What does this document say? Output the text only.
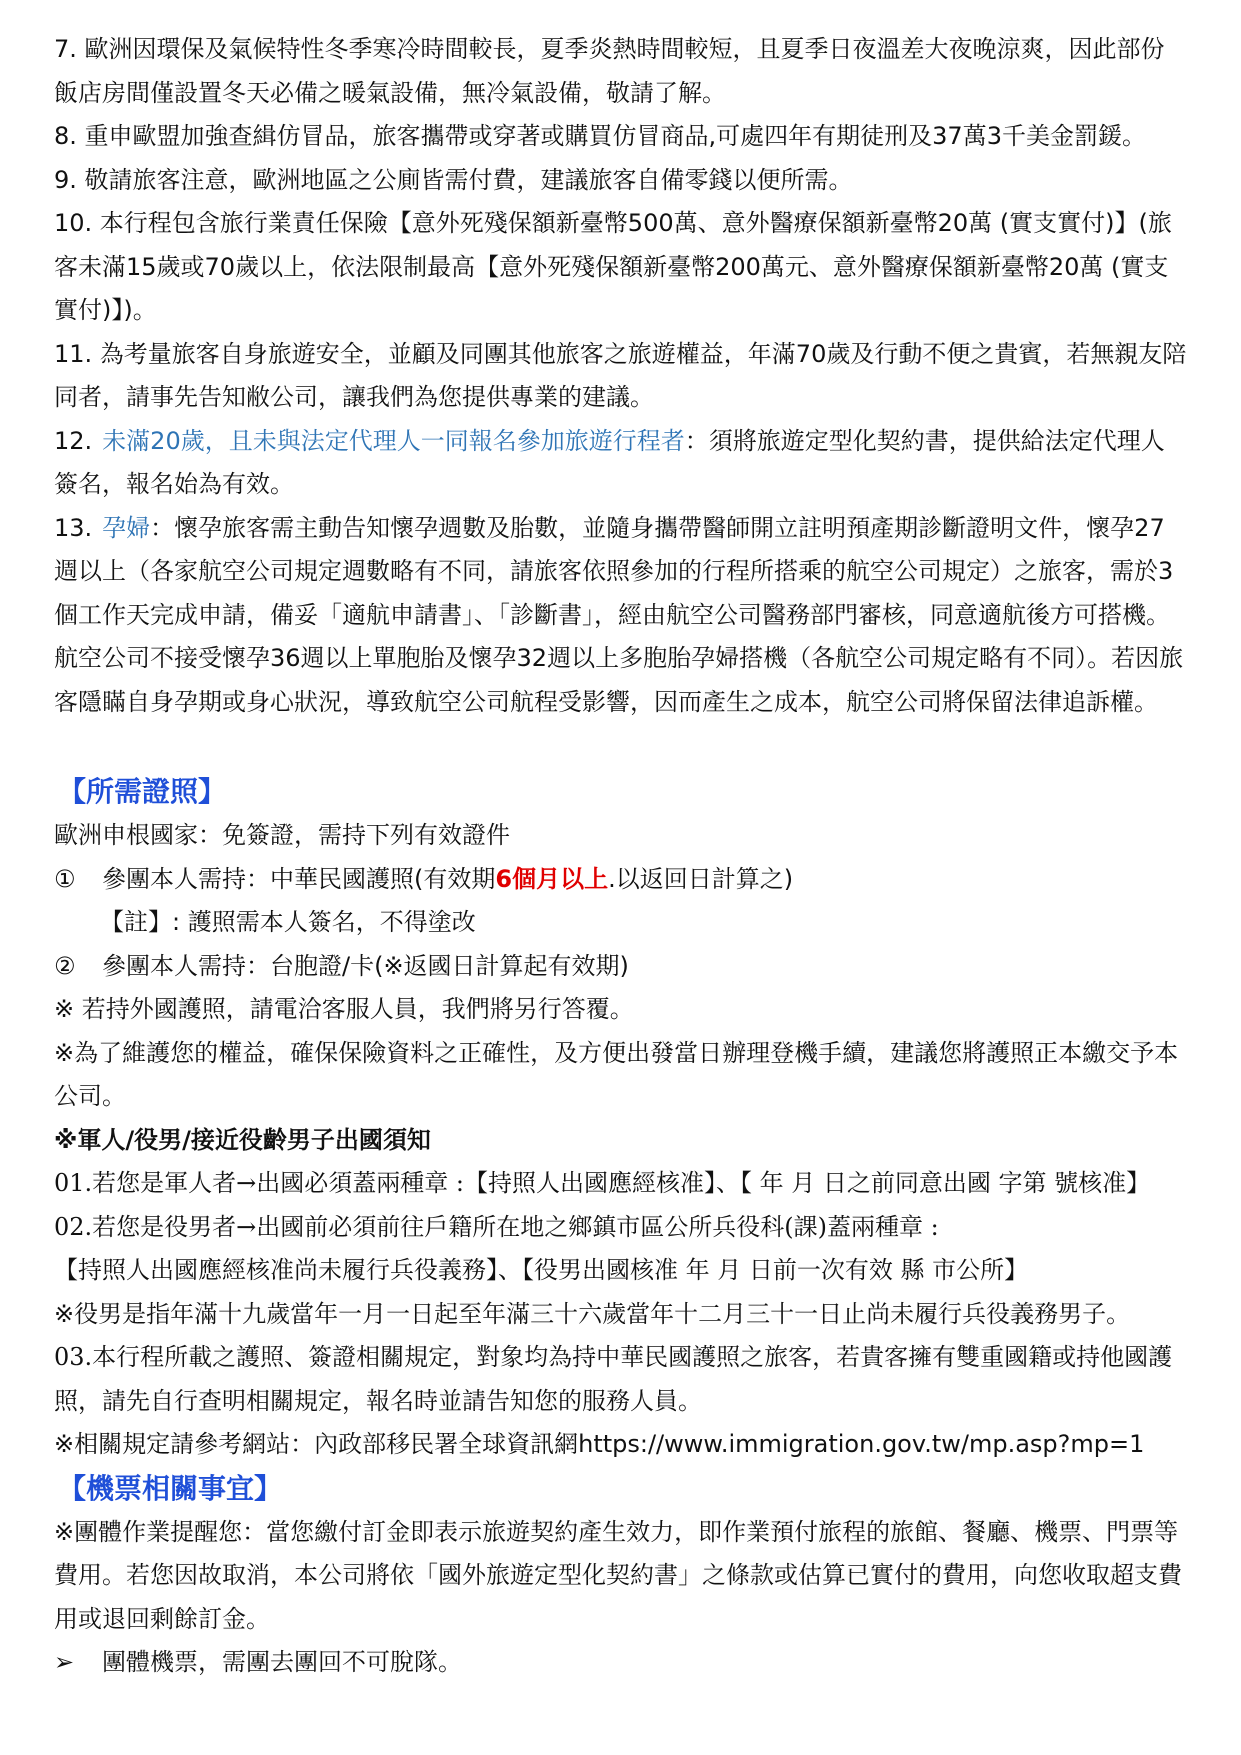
7. 歐洲因環保及氣候特性冬季寒冷時間較長，夏季炎熱時間較短，且夏季日夜溫差大夜晚涼爽，因此部份飯店房間僅設置冬天必備之暖氣設備，無冷氣設備，敬請了解。

8. 重申歐盟加強查緝仿冒品，旅客攜帶或穿著或購買仿冒商品,可處四年有期徒刑及37萬3千美金罰鍰。

9. 敬請旅客注意，歐洲地區之公廁皆需付費，建議旅客自備零錢以便所需。

10. 本行程包含旅行業責任保險【意外死殘保額新臺幣500萬、意外醫療保額新臺幣20萬 (實支實付)】(旅客未滿15歲或70歲以上，依法限制最高【意外死殘保額新臺幣200萬元、意外醫療保額新臺幣20萬 (實支實付)】)。

11. 為考量旅客自身旅遊安全，並顧及同團其他旅客之旅遊權益，年滿70歲及行動不便之貴賓，若無親友陪同者，請事先告知敝公司，讓我們為您提供專業的建議。

12. 未滿20歲，且未與法定代理人一同報名參加旅遊行程者：須將旅遊定型化契約書，提供給法定代理人簽名，報名始為有效。

13. 孕婦：懷孕旅客需主動告知懷孕週數及胎數，並隨身攜帶醫師開立註明預產期診斷證明文件，懷孕27週以上（各家航空公司規定週數略有不同，請旅客依照參加的行程所搭乘的航空公司規定）之旅客，需於3個工作天完成申請，備妥「適航申請書」、「診斷書」，經由航空公司醫務部門審核，同意適航後方可搭機。航空公司不接受懷孕36週以上單胞胎及懷孕32週以上多胞胎孕婦搭機（各航空公司規定略有不同）。若因旅客隱瞞自身孕期或身心狀況，導致航空公司航程受影響，因而產生之成本，航空公司將保留法律追訴權。

【所需證照】

歐洲申根國家：免簽證，需持下列有效證件

① 參團本人需持：中華民國護照(有效期6個月以上.以返回日計算之)

【註】: 護照需本人簽名，不得塗改

② 參團本人需持：台胞證/卡(※返國日計算起有效期)

※ 若持外國護照，請電洽客服人員，我們將另行答覆。

※為了維護您的權益，確保保險資料之正確性，及方便出發當日辦理登機手續，建議您將護照正本繳交予本公司。

※軍人/役男/接近役齡男子出國須知

01.若您是軍人者→出國必須蓋兩種章 :【持照人出國應經核准】、【 年 月 日之前同意出國 字第 號核准】

02.若您是役男者→出國前必須前往戶籍所在地之鄉鎮市區公所兵役科(課)蓋兩種章 :

【持照人出國應經核准尚未履行兵役義務】、【役男出國核准 年 月 日前一次有效 縣 市公所】

※役男是指年滿十九歲當年一月一日起至年滿三十六歲當年十二月三十一日止尚未履行兵役義務男子。

03.本行程所載之護照、簽證相關規定，對象均為持中華民國護照之旅客，若貴客擁有雙重國籍或持他國護照，請先自行查明相關規定，報名時並請告知您的服務人員。

※相關規定請參考網站：內政部移民署全球資訊網https://www.immigration.gov.tw/mp.asp?mp=1

【機票相關事宜】

※團體作業提醒您：當您繳付訂金即表示旅遊契約產生效力，即作業預付旅程的旅館、餐廳、機票、門票等費用。若您因故取消，本公司將依「國外旅遊定型化契約書」之條款或估算已實付的費用，向您收取超支費用或退回剩餘訂金。

➢ 團體機票，需團去團回不可脫隊。
